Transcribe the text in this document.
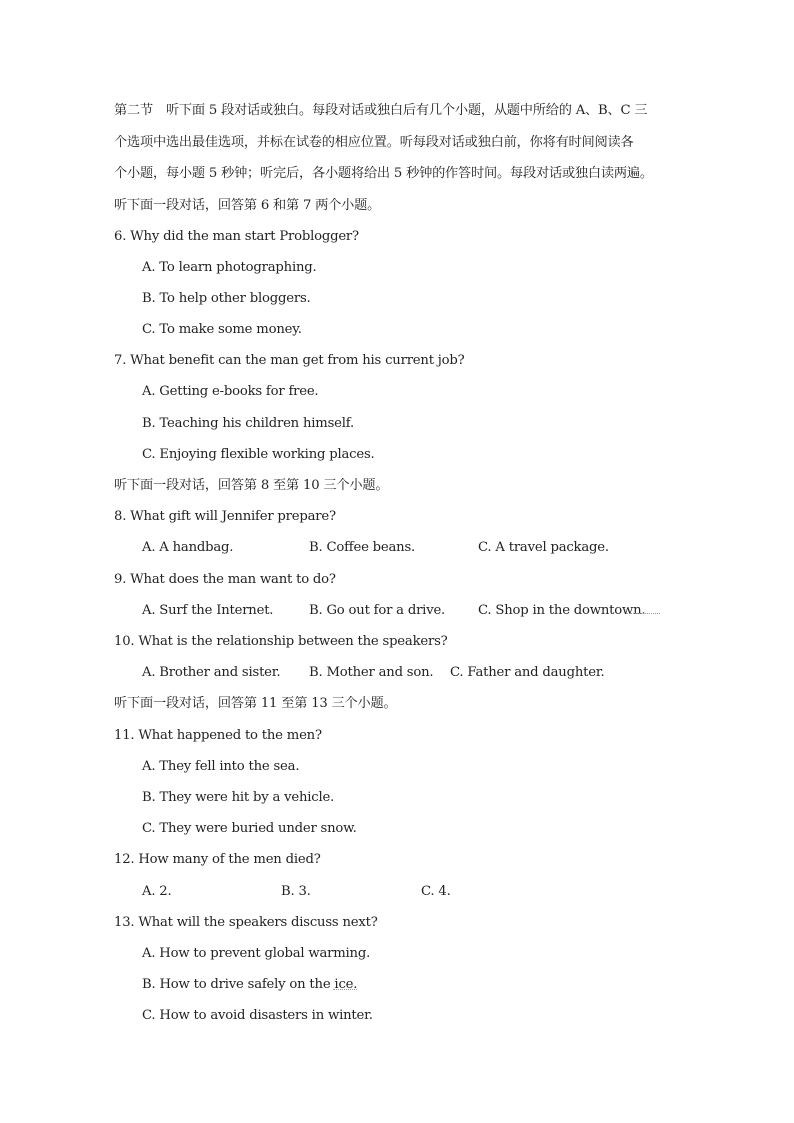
第二节　听下面 5 段对话或独白。每段对话或独白后有几个小题，从题中所给的 A、B、C 三
个选项中选出最佳选项，并标在试卷的相应位置。听每段对话或独白前，你将有时间阅读各
个小题，每小题 5 秒钟；听完后，各小题将给出 5 秒钟的作答时间。每段对话或独白读两遍。
听下面一段对话，回答第 6 和第 7 两个小题。
6. Why did the man start Problogger?
A. To learn photographing.
B. To help other bloggers.
C. To make some money.
7. What benefit can the man get from his current job?
A. Getting e-books for free.
B. Teaching his children himself.
C. Enjoying flexible working places.
听下面一段对话，回答第 8 至第 10 三个小题。
8. What gift will Jennifer prepare?
A. A handbag.	B. Coffee beans.	C. A travel package.
9. What does the man want to do?
A. Surf the Internet.	B. Go out for a drive. C. Shop in the downtown.
10. What is the relationship between the speakers?
A. Brother and sister. B. Mother and son. C. Father and daughter.
听下面一段对话，回答第 11 至第 13 三个小题。
11. What happened to the men?
A. They fell into the sea.
B. They were hit by a vehicle.
C. They were buried under snow.
12. How many of the men died?
A. 2.	B. 3.	C. 4.
13. What will the speakers discuss next?
A. How to prevent global warming.
B. How to drive safely on the ice.
C. How to avoid disasters in winter.
